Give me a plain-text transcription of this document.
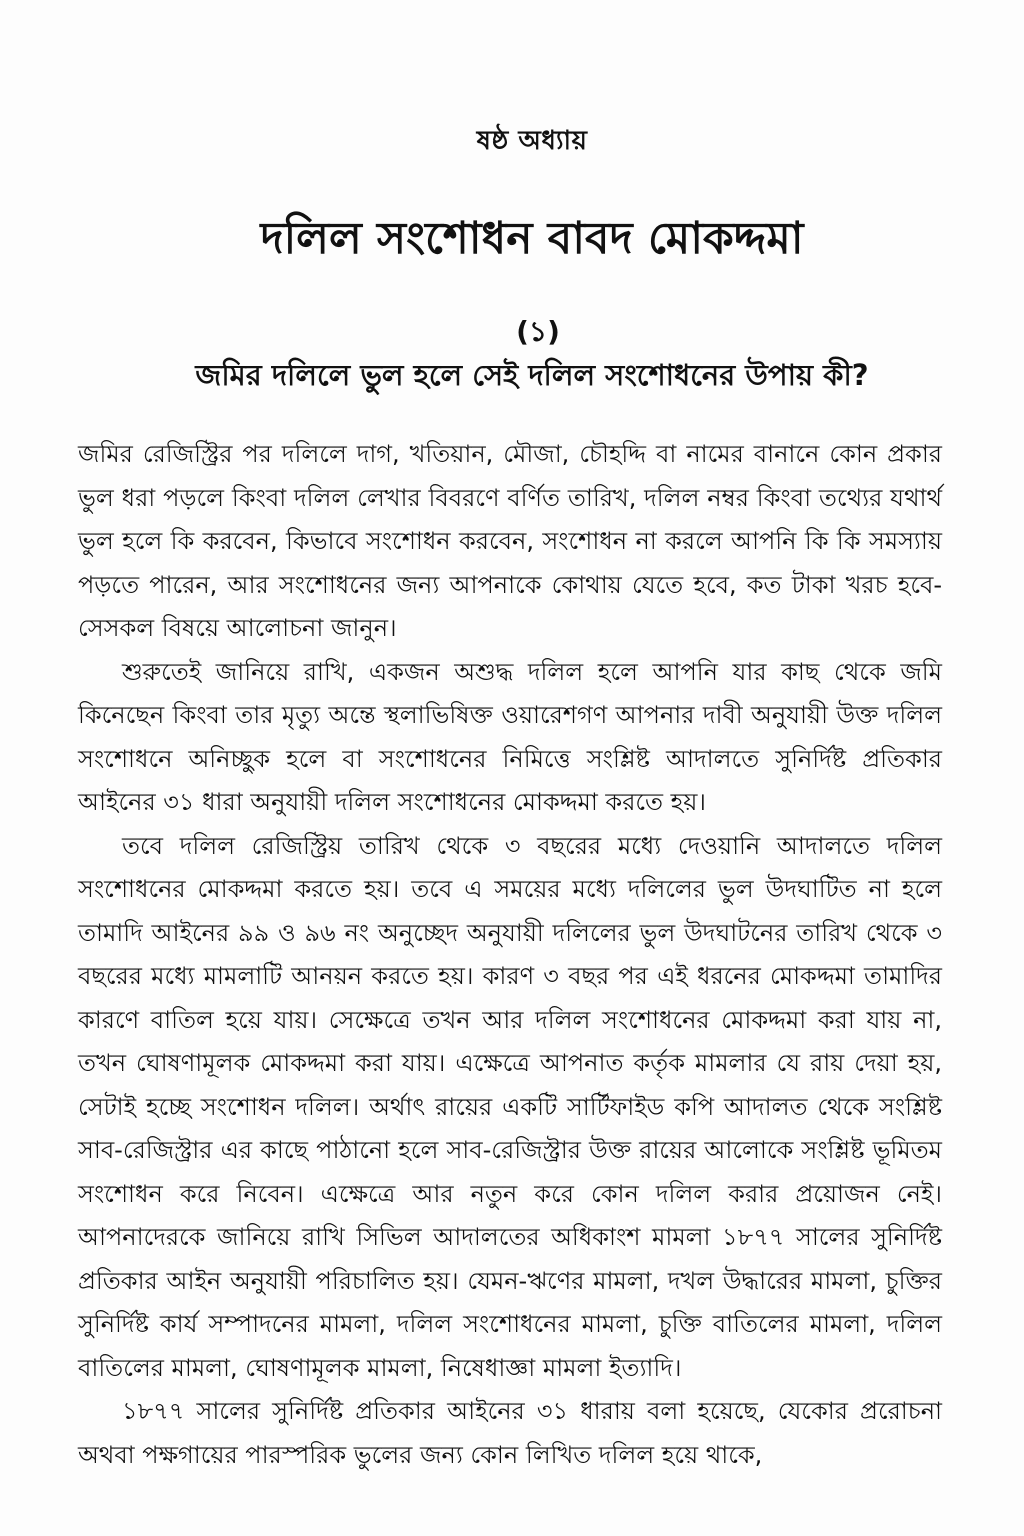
ষষ্ঠ অধ্যায়
দলিল সংশোধন বাবদ মোকদ্দমা
(১)
জমির দলিলে ভুল হলে সেই দলিল সংশোধনের উপায় কী?

জমির রেজিস্ট্রির পর দলিলে দাগ, খতিয়ান, মৌজা, চৌহদ্দি বা নামের বানানে কোন প্রকার ভুল ধরা পড়লে কিংবা দলিল লেখার বিবরণে বর্ণিত তারিখ, দলিল নম্বর কিংবা তথ্যের যথার্থ ভুল হলে কি করবেন, কিভাবে সংশোধন করবেন, সংশোধন না করলে আপনি কি কি সমস্যায় পড়তে পারেন, আর সংশোধনের জন্য আপনাকে কোথায় যেতে হবে, কত টাকা খরচ হবে-সেসকল বিষয়ে আলোচনা জানুন।

শুরুতেই জানিয়ে রাখি, একজন অশুদ্ধ দলিল হলে আপনি যার কাছ থেকে জমি কিনেছেন কিংবা তার মৃত্যু অন্তে স্থলাভিষিক্ত ওয়ারেশগণ আপনার দাবী অনুযায়ী উক্ত দলিল সংশোধনে অনিচ্ছুক হলে বা সংশোধনের নিমিত্তে সংশ্লিষ্ট আদালতে সুনির্দিষ্ট প্রতিকার আইনের ৩১ ধারা অনুযায়ী দলিল সংশোধনের মোকদ্দমা করতে হয়।

তবে দলিল রেজিস্ট্রিয় তারিখ থেকে ৩ বছরের মধ্যে দেওয়ানি আদালতে দলিল সংশোধনের মোকদ্দমা করতে হয়। তবে এ সময়ের মধ্যে দলিলের ভুল উদঘাটিত না হলে তামাদি আইনের ৯৯ ও ৯৬ নং অনুচ্ছেদ অনুযায়ী দলিলের ভুল উদঘাটনের তারিখ থেকে ৩ বছরের মধ্যে মামলাটি আনয়ন করতে হয়। কারণ ৩ বছর পর এই ধরনের মোকদ্দমা তামাদির কারণে বাতিল হয়ে যায়। সেক্ষেত্রে তখন আর দলিল সংশোধনের মোকদ্দমা করা যায় না, তখন ঘোষণামূলক মোকদ্দমা করা যায়। এক্ষেত্রে আপনাত কর্তৃক মামলার যে রায় দেয়া হয়, সেটাই হচ্ছে সংশোধন দলিল। অর্থাৎ রায়ের একটি সার্টিফাইড কপি আদালত থেকে সংশ্লিষ্ট সাব-রেজিস্ট্রার এর কাছে পাঠানো হলে সাব-রেজিস্ট্রার উক্ত রায়ের আলোকে সংশ্লিষ্ট ভূমিতম সংশোধন করে নিবেন। এক্ষেত্রে আর নতুন করে কোন দলিল করার প্রয়োজন নেই। আপনাদেরকে জানিয়ে রাখি সিভিল আদালতের অধিকাংশ মামলা ১৮৭৭ সালের সুনির্দিষ্ট প্রতিকার আইন অনুযায়ী পরিচালিত হয়। যেমন-ঋণের মামলা, দখল উদ্ধারের মামলা, চুক্তির সুনির্দিষ্ট কার্য সম্পাদনের মামলা, দলিল সংশোধনের মামলা, চুক্তি বাতিলের মামলা, দলিল বাতিলের মামলা, ঘোষণামূলক মামলা, নিষেধাজ্ঞা মামলা ইত্যাদি।

১৮৭৭ সালের সুনির্দিষ্ট প্রতিকার আইনের ৩১ ধারায় বলা হয়েছে, যেকোর প্ররোচনা অথবা পক্ষগায়ের পারস্পরিক ভুলের জন্য কোন লিখিত দলিল হয়ে থাকে,
